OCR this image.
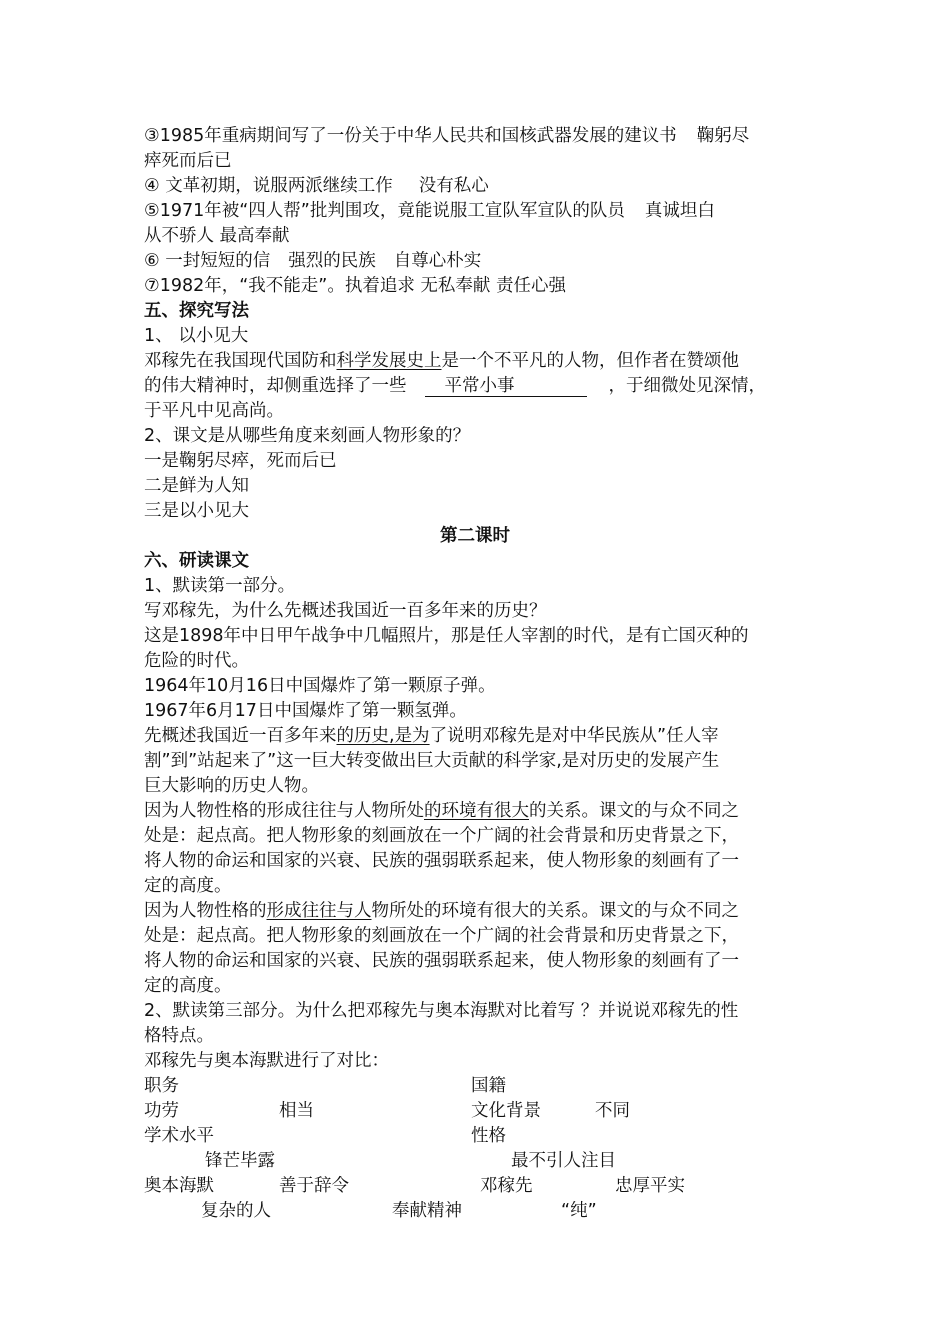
③1985年重病期间写了一份关于中华人民共和国核武器发展的建议书 鞠躬尽
瘁死而后已
④ 文革初期，说服两派继续工作 没有私心
⑤1971年被“四人帮”批判围攻，竟能说服工宣队军宣队的队员 真诚坦白
从不骄人 最高奉献
⑥ 一封短短的信 强烈的民族 自尊心朴实
⑦1982年，“我不能走”。执着追求 无私奉献 责任心强
五、探究写法
1、 以小见大
邓稼先在我国现代国防和科学发展史上是一个不平凡的人物，但作者在赞颂他
的伟大精神时，却侧重选择了一些 平常小事	，于细微处见深情，
于平凡中见高尚。
2、课文是从哪些角度来刻画人物形象的？
一是鞠躬尽瘁，死而后已
二是鲜为人知
三是以小见大
第二课时
六、研读课文
1、默读第一部分。
写邓稼先，为什么先概述我国近一百多年来的历史？
这是1898年中日甲午战争中几幅照片，那是任人宰割的时代，是有亡国灭种的
危险的时代。
1964年10月16日中国爆炸了第一颗原子弹。
1967年6月17日中国爆炸了第一颗氢弹。
先概述我国近一百多年来的历史,是为了说明邓稼先是对中华民族从”任人宰
割”到”站起来了”这一巨大转变做出巨大贡献的科学家,是对历史的发展产生
巨大影响的历史人物。
因为人物性格的形成往往与人物所处的环境有很大的关系。课文的与众不同之
处是：起点高。把人物形象的刻画放在一个广阔的社会背景和历史背景之下，
将人物的命运和国家的兴衰、民族的强弱联系起来，使人物形象的刻画有了一
定的高度。
因为人物性格的形成往往与人物所处的环境有很大的关系。课文的与众不同之
处是：起点高。把人物形象的刻画放在一个广阔的社会背景和历史背景之下，
将人物的命运和国家的兴衰、民族的强弱联系起来，使人物形象的刻画有了一
定的高度。
2、默读第三部分。为什么把邓稼先与奥本海默对比着写 ？并说说邓稼先的性
格特点。
邓稼先与奥本海默进行了对比：
职务	国籍
功劳	相当	文化背景	不同
学术水平	性格
锋芒毕露	最不引人注目
奥本海默	善于辞令	邓稼先	忠厚平实
复杂的人	奉献精神	“纯”
